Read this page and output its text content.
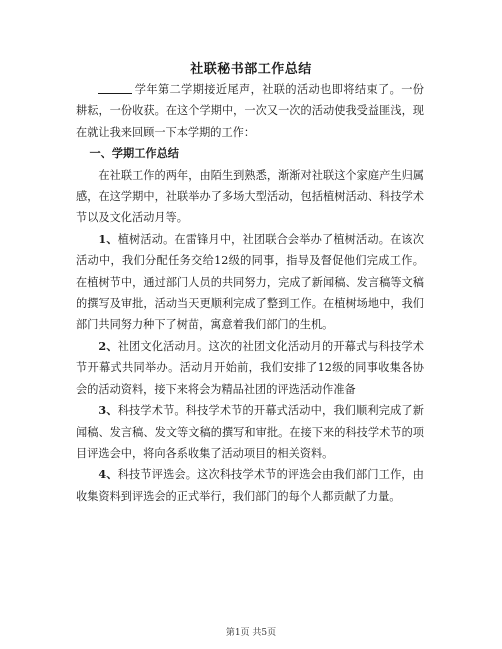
社联秘书部工作总结

学年第二学期接近尾声，社联的活动也即将结束了。一份耕耘，一份收获。在这个学期中，一次又一次的活动使我受益匪浅，现在就让我来回顾一下本学期的工作：

一、学期工作总结

在社联工作的两年，由陌生到熟悉，渐渐对社联这个家庭产生归属感，在这学期中，社联举办了多场大型活动，包括植树活动、科技学术节以及文化活动月等。

1、植树活动。在雷锋月中，社团联合会举办了植树活动。在该次活动中，我们分配任务交给12级的同事，指导及督促他们完成工作。在植树节中，通过部门人员的共同努力，完成了新闻稿、发言稿等文稿的撰写及审批，活动当天更顺利完成了整到工作。在植树场地中，我们部门共同努力种下了树苗，寓意着我们部门的生机。

2、社团文化活动月。这次的社团文化活动月的开幕式与科技学术节开幕式共同举办。活动月开始前，我们安排了12级的同事收集各协会的活动资料，接下来将会为精品社团的评选活动作准备

3、科技学术节。科技学术节的开幕式活动中，我们顺利完成了新闻稿、发言稿、发文等文稿的撰写和审批。在接下来的科技学术节的项目评选会中，将向各系收集了活动项目的相关资料。

4、科技节评选会。这次科技学术节的评选会由我们部门工作，由收集资料到评选会的正式举行，我们部门的每个人都贡献了力量。

第1页 共5页
